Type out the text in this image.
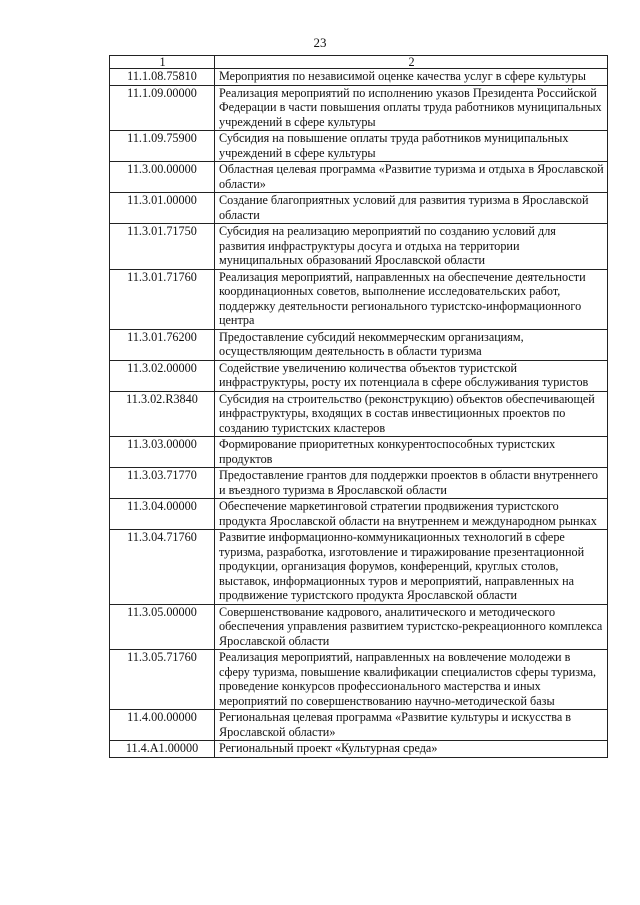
23
1	2
11.1.08.75810	Мероприятия по независимой оценке качества услуг в сфере культуры
11.1.09.00000	Реализация мероприятий по исполнению указов Президента Российской Федерации в части повышения оплаты труда работников муниципальных учреждений в сфере культуры
11.1.09.75900	Субсидия на повышение оплаты труда работников муниципальных учреждений в сфере культуры
11.3.00.00000	Областная целевая программа «Развитие туризма и отдыха в Ярославской области»
11.3.01.00000	Создание благоприятных условий для развития туризма в Ярославской области
11.3.01.71750	Субсидия на реализацию мероприятий по созданию условий для развития инфраструктуры досуга и отдыха на территории муниципальных образований Ярославской области
11.3.01.71760	Реализация мероприятий, направленных на обеспечение деятельности координационных советов, выполнение исследовательских работ, поддержку деятельности регионального туристско-информационного центра
11.3.01.76200	Предоставление субсидий некоммерческим организациям, осуществляющим деятельность в области туризма
11.3.02.00000	Содействие увеличению количества объектов туристской инфраструктуры, росту их потенциала в сфере обслуживания туристов
11.3.02.R3840	Субсидия на строительство (реконструкцию) объектов обеспечивающей инфраструктуры, входящих в состав инвестиционных проектов по созданию туристских кластеров
11.3.03.00000	Формирование приоритетных конкурентоспособных туристских продуктов
11.3.03.71770	Предоставление грантов для поддержки проектов в области внутреннего и въездного туризма в Ярославской области
11.3.04.00000	Обеспечение маркетинговой стратегии продвижения туристского продукта Ярославской области на внутреннем и международном рынках
11.3.04.71760	Развитие информационно-коммуникационных технологий в сфере туризма, разработка, изготовление и тиражирование презентационной продукции, организация форумов, конференций, круглых столов, выставок, информационных туров и мероприятий, направленных на продвижение туристского продукта Ярославской области
11.3.05.00000	Совершенствование кадрового, аналитического и методического обеспечения управления развитием туристско-рекреационного комплекса Ярославской области
11.3.05.71760	Реализация мероприятий, направленных на вовлечение молодежи в сферу туризма, повышение квалификации специалистов сферы туризма, проведение конкурсов профессионального мастерства и иных мероприятий по совершенствованию научно-методической базы
11.4.00.00000	Региональная целевая программа «Развитие культуры и искусства в Ярославской области»
11.4.A1.00000	Региональный проект «Культурная среда»
